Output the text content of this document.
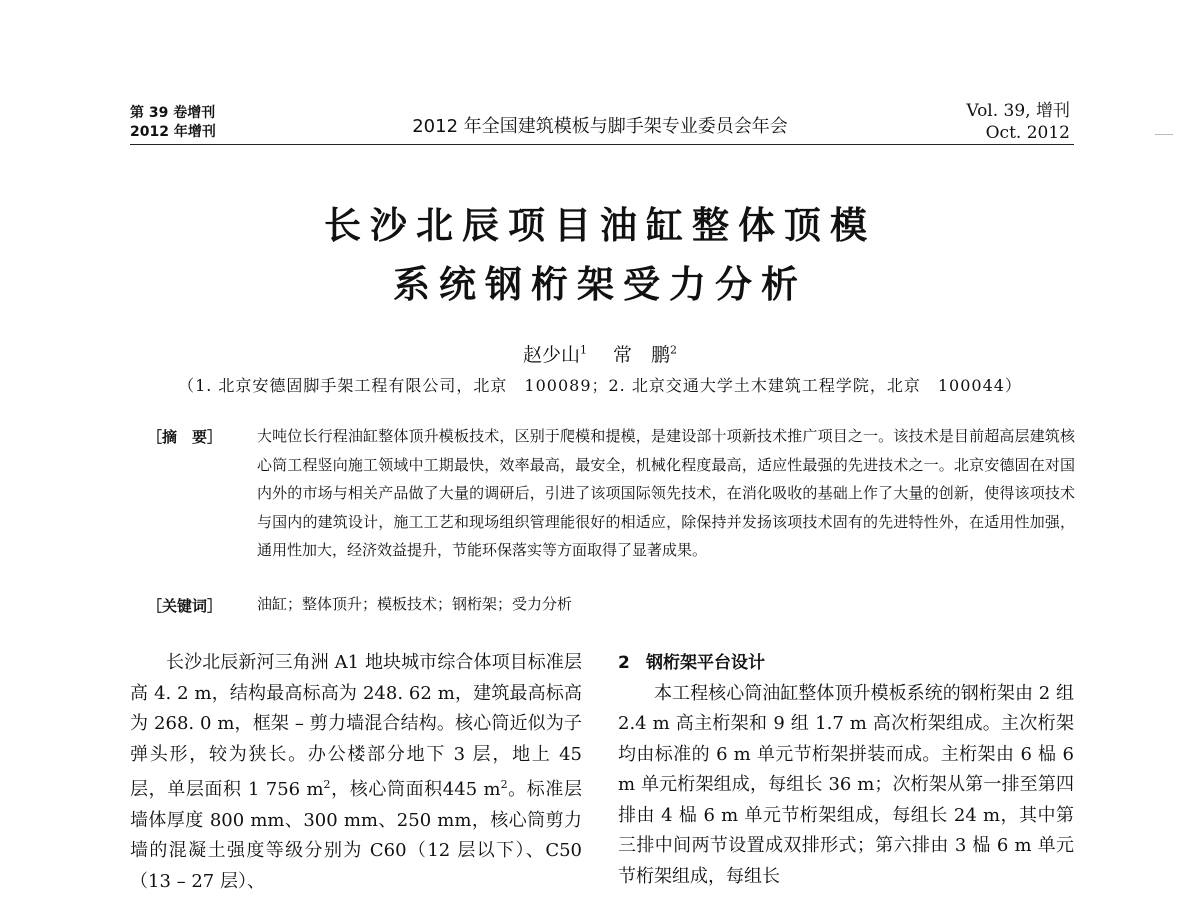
第 39 卷增刊
2012 年增刊	2012 年全国建筑模板与脚手架专业委员会年会
Vol. 39, 增刊
Oct. 2012
长沙北辰项目油缸整体顶模
系统钢桁架受力分析
赵少山$^1$ 常　鹏$^2$
（1. 北京安德固脚手架工程有限公司，北京　100089；2. 北京交通大学土木建筑工程学院，北京　100044）
［摘　要］ 大吨位长行程油缸整体顶升模板技术，区别于爬模和提模，是建设部十项新技术推广项目之一。该技术是目前超高层建筑核心筒工程竖向施工领域中工期最快，效率最高，最安全，机械化程度最高，适应性最强的先进技术之一。北京安德固在对国内外的市场与相关产品做了大量的调研后，引进了该项国际领先技术，在消化吸收的基础上作了大量的创新，使得该项技术与国内的建筑设计，施工工艺和现场组织管理能很好的相适应，除保持并发扬该项技术固有的先进特性外，在适用性加强，通用性加大，经济效益提升，节能环保落实等方面取得了显著成果。
［关键词］ 油缸；整体顶升；模板技术；钢桁架；受力分析

长沙北辰新河三角洲 A1 地块城市综合体项目标准层高 4. 2 m，结构最高标高为 248. 62 m，建筑最高标高为 268. 0 m，框架 – 剪力墙混合结构。核心筒近似为子弹头形，较为狭长。办公楼部分地下 3 层，地上 45 层，单层面积 1 756 $m^2$，核心筒面积445 $m^2$。标准层墙体厚度 800 mm、300 mm、250 mm，核心筒剪力墙的混凝土强度等级分别为 C60（12 层以下）、C50（13 – 27 层）、

2 钢桁架平台设计

本工程核心筒油缸整体顶升模板系统的钢桁架由 2 组 2.4 m 高主桁架和 9 组 1.7 m 高次桁架组成。主次桁架均由标准的 6 m 单元节桁架拼装而成。主桁架由 6 榀 6 m 单元桁架组成，每组长 36 m；次桁架从第一排至第四排由 4 榀 6 m 单元节桁架组成，每组长 24 m，其中第三排中间两节设置成双排形式；第六排由 3 榀 6 m 单元节桁架组成，每组长
